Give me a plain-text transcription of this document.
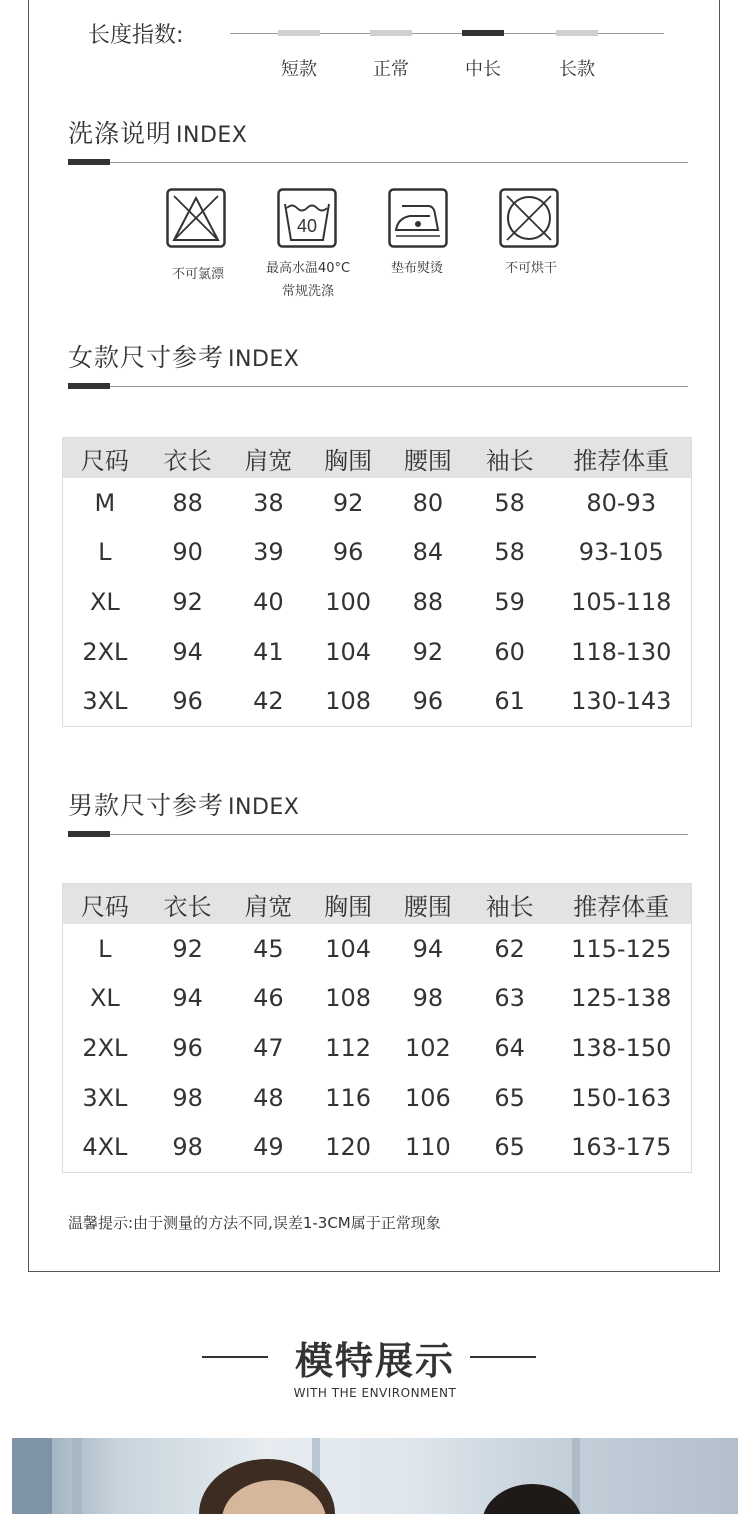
长度指数:
短款	正常	中长	长款
洗涤说明 INDEX
40
不可氯漂	最高水温40°C
常规洗涤
垫布熨烫	不可烘干
女款尺寸参考 INDEX
尺码	衣长	肩宽	胸围	腰围	袖长	推荐体重
M	88	38	92	80	58	80-93
L	90	39	96	84	58	93-105
XL	92	40	100	88	59	105-118
2XL	94	41	104	92	60	118-130
3XL	96	42	108	96	61	130-143
男款尺寸参考 INDEX
尺码	衣长	肩宽	胸围	腰围	袖长	推荐体重
L	92	45	104	94	62	115-125
XL	94	46	108	98	63	125-138
2XL	96	47	112	102	64	138-150
3XL	98	48	116	106	65	150-163
4XL	98	49	120	110	65	163-175
温馨提示:由于测量的方法不同,误差1-3CM属于正常现象
模特展示
WITH THE ENVIRONMENT
